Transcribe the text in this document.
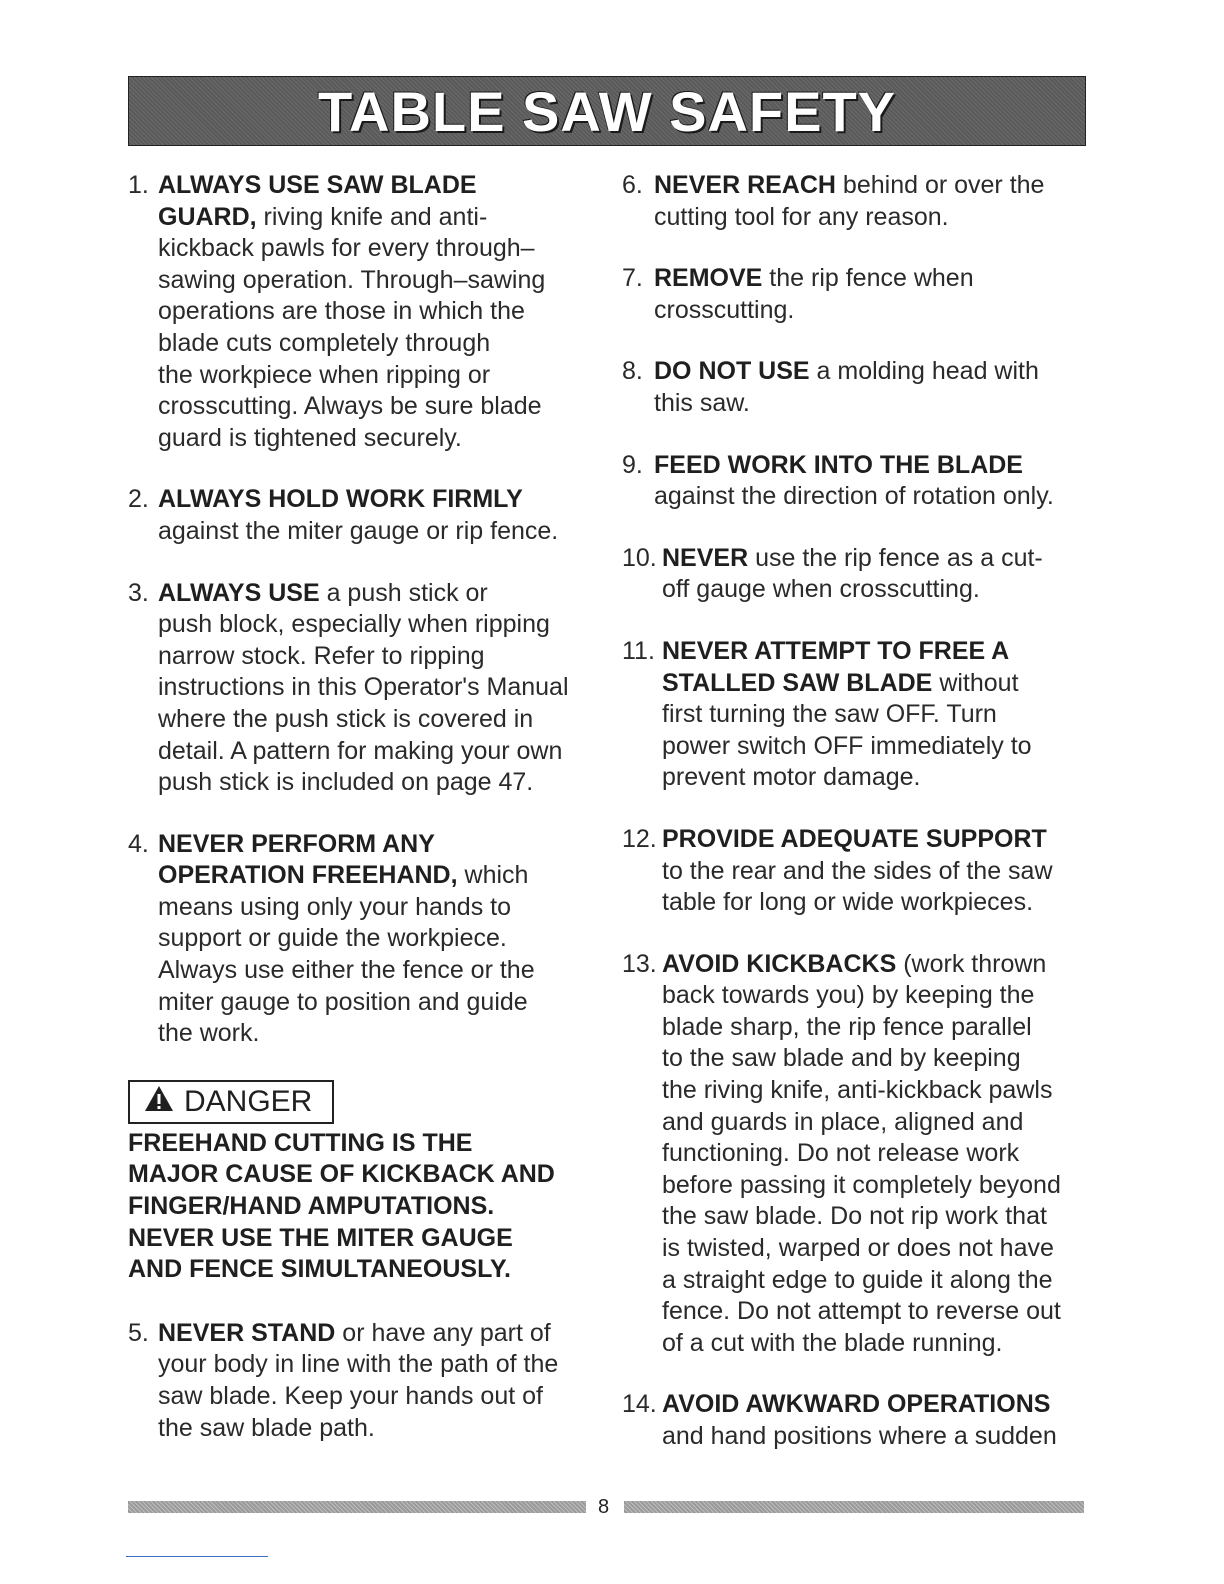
TABLE SAW SAFETY
1. ALWAYS USE SAW BLADE
GUARD, riving knife and anti-
kickback pawls for every through–
sawing operation. Through–sawing
operations are those in which the
blade cuts completely through
the workpiece when ripping or
crosscutting. Always be sure blade
guard is tightened securely.
2. ALWAYS HOLD WORK FIRMLY
against the miter gauge or rip fence.
3. ALWAYS USE a push stick or
push block, especially when ripping
narrow stock. Refer to ripping
instructions in this Operator's Manual
where the push stick is covered in
detail. A pattern for making your own
push stick is included on page 47.
4. NEVER PERFORM ANY
OPERATION FREEHAND, which
means using only your hands to
support or guide the workpiece.
Always use either the fence or the
miter gauge to position and guide
the work.
DANGER
FREEHAND CUTTING IS THE
MAJOR CAUSE OF KICKBACK AND
FINGER/HAND AMPUTATIONS.
NEVER USE THE MITER GAUGE
AND FENCE SIMULTANEOUSLY.
5. NEVER STAND or have any part of
your body in line with the path of the
saw blade. Keep your hands out of
the saw blade path.
6. NEVER REACH behind or over the
cutting tool for any reason.
7. REMOVE the rip fence when
crosscutting.
8. DO NOT USE a molding head with
this saw.
9. FEED WORK INTO THE BLADE
against the direction of rotation only.
10. NEVER use the rip fence as a cut-
off gauge when crosscutting.
11. NEVER ATTEMPT TO FREE A
STALLED SAW BLADE without
first turning the saw OFF. Turn
power switch OFF immediately to
prevent motor damage.
12. PROVIDE ADEQUATE SUPPORT
to the rear and the sides of the saw
table for long or wide workpieces.
13. AVOID KICKBACKS (work thrown
back towards you) by keeping the
blade sharp, the rip fence parallel
to the saw blade and by keeping
the riving knife, anti-kickback pawls
and guards in place, aligned and
functioning. Do not release work
before passing it completely beyond
the saw blade. Do not rip work that
is twisted, warped or does not have
a straight edge to guide it along the
fence. Do not attempt to reverse out
of a cut with the blade running.
14. AVOID AWKWARD OPERATIONS
and hand positions where a sudden
8
